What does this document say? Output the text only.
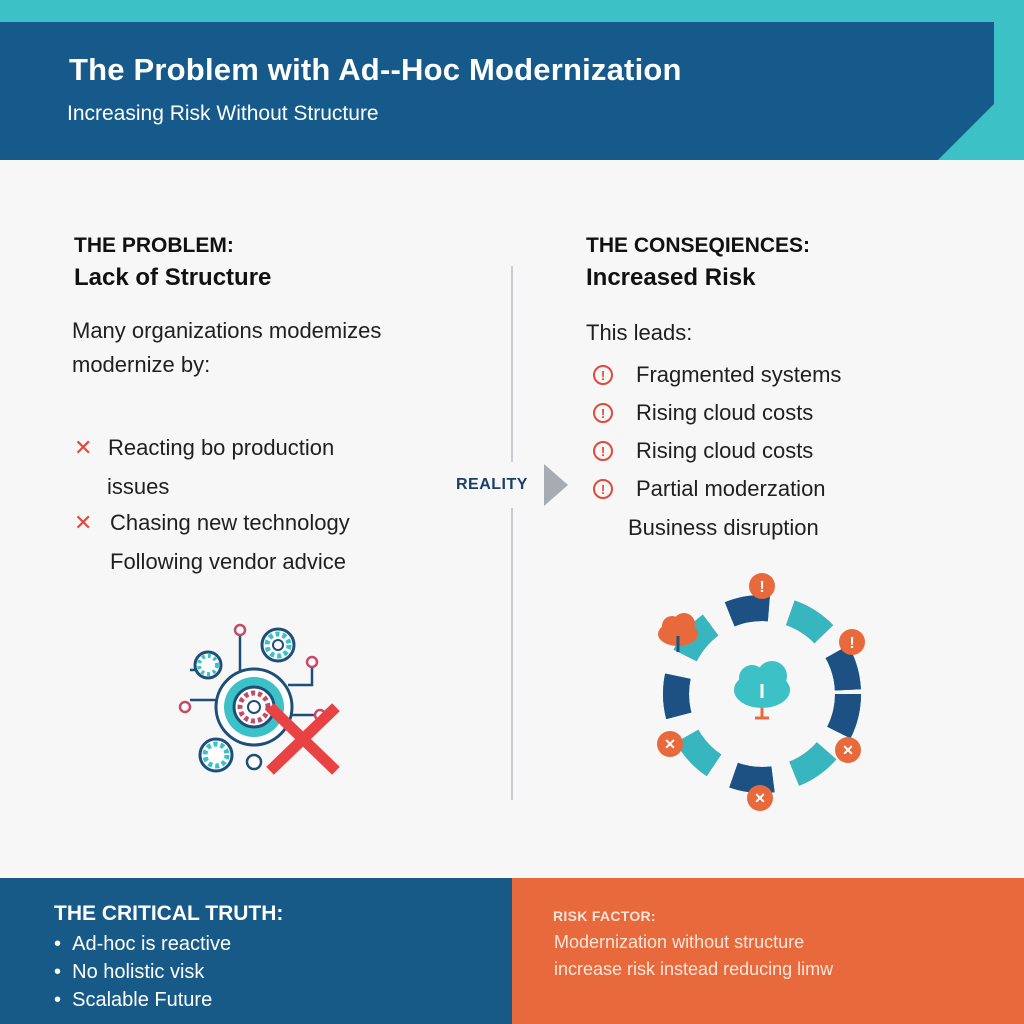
The Problem with Ad--Hoc Modernization
Increasing Risk Without Structure
THE PROBLEM:
Lack of Structure
Many organizations modemizes
modernize by:
✕ Reacting bo production
issues
✕ Chasing new technology
Following vendor advice
REALITY
THE CONSEQIENCES:
Increased Risk
This leads:
!	Fragmented systems
!	Rising cloud costs
!	Rising cloud costs
!	Partial moderzation
Business disruption
!
!
✕	✕
✕
THE CRITICAL TRUTH:
•  Ad-hoc is reactive
•  No holistic visk
•  Scalable Future
RISK FACTOR:
Modernization without structure
increase risk instead reducing limw
